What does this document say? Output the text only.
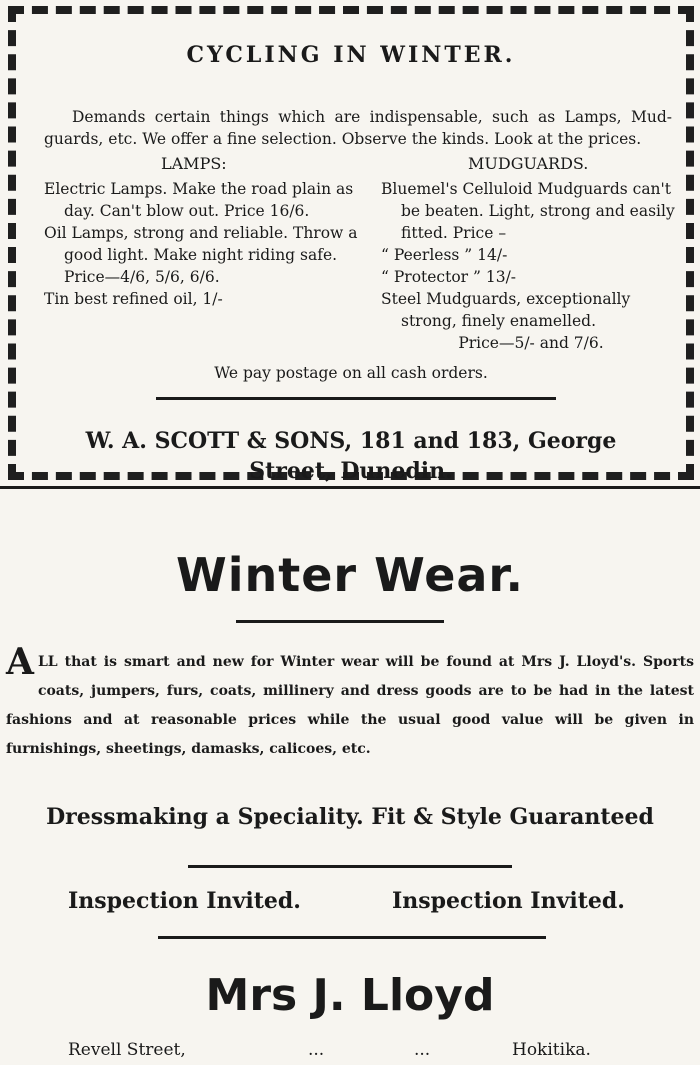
CYCLING IN WINTER.
Demands certain things which are indispensable, such as Lamps, Mud-guards, etc. We offer a fine selection. Observe the kinds. Look at the prices.
LAMPS:	MUDGUARDS.

Electric Lamps. Make the road plain as day. Can't blow out. Price 16/6.

Oil Lamps, strong and reliable. Throw a good light. Make night riding safe. Price—4/6, 5/6, 6/6.

Tin best refined oil, 1/-

Bluemel's Celluloid Mudguards can't be beaten. Light, strong and easily fitted. Price –

“ Peerless ” 14/-

“ Protector ” 13/-

Steel Mudguards, exceptionally strong, finely enamelled.

Price—5/- and 7/6.

We pay postage on all cash orders.
W. A. SCOTT & SONS, 181 and 183, George
Street, Dunedin.
Winter Wear.
ALL that is smart and new for Winter wear will be found at Mrs J. Lloyd's. Sports coats, jumpers, furs, coats, millinery and dress goods are to be had in the latest fashions and at reasonable prices while the usual good value will be given in furnishings, sheetings, damasks, calicoes, etc.
Dressmaking a Speciality. Fit & Style Guaranteed
Inspection Invited.	Inspection Invited.
Mrs J. Lloyd
Revell Street,	...	...	Hokitika.
